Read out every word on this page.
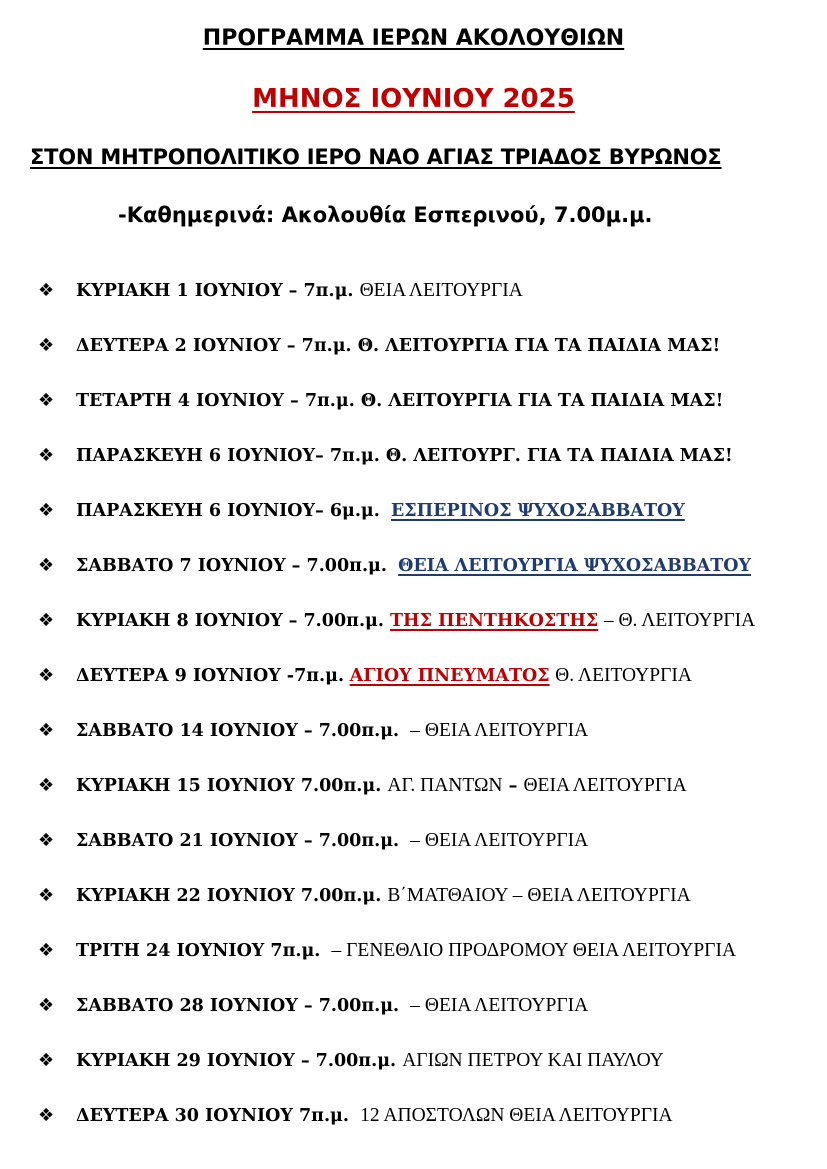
ΠΡΟΓΡΑΜΜΑ ΙΕΡΩΝ ΑΚΟΛΟΥΘΙΩΝ
ΜΗΝΟΣ ΙΟΥΝΙΟΥ 2025
ΣΤΟΝ ΜΗΤΡΟΠΟΛΙΤΙΚΟ ΙΕΡΟ ΝΑΟ ΑΓΙΑΣ ΤΡΙΑΔΟΣ ΒΥΡΩΝΟΣ
-Καθημερινά: Ακολουθία Εσπερινού, 7.00μ.μ.
❖ ΚΥΡΙΑΚΗ 1 ΙΟΥΝΙΟΥ – 7π.μ. ΘΕΙΑ ΛΕΙΤΟΥΡΓΙΑ
❖ ΔΕΥΤΕΡΑ 2 ΙΟΥΝΙΟΥ – 7π.μ. Θ. ΛΕΙΤΟΥΡΓΙΑ ΓΙΑ ΤΑ ΠΑΙΔΙΑ ΜΑΣ!
❖ ΤΕΤΑΡΤΗ 4 ΙΟΥΝΙΟΥ – 7π.μ. Θ. ΛΕΙΤΟΥΡΓΙΑ ΓΙΑ ΤΑ ΠΑΙΔΙΑ ΜΑΣ!
❖ ΠΑΡΑΣΚΕΥΗ 6 ΙΟΥΝΙΟΥ– 7π.μ. Θ. ΛΕΙΤΟΥΡΓ. ΓΙΑ ΤΑ ΠΑΙΔΙΑ ΜΑΣ!
❖ ΠΑΡΑΣΚΕΥΗ 6 ΙΟΥΝΙΟΥ– 6μ.μ. ΕΣΠΕΡΙΝΟΣ ΨΥΧΟΣΑΒΒΑΤΟΥ
❖ ΣΑΒΒΑΤΟ 7 ΙΟΥΝΙΟΥ – 7.00π.μ. ΘΕΙΑ ΛΕΙΤΟΥΡΓΙΑ ΨΥΧΟΣΑΒΒΑΤΟΥ
❖ ΚΥΡΙΑΚΗ 8 ΙΟΥΝΙΟΥ – 7.00π.μ. ΤΗΣ ΠΕΝΤΗΚΟΣΤΗΣ – Θ. ΛΕΙΤΟΥΡΓΙΑ
❖ ΔΕΥΤΕΡΑ 9 ΙΟΥΝΙΟΥ -7π.μ. ΑΓΙΟΥ ΠΝΕΥΜΑΤΟΣ Θ. ΛΕΙΤΟΥΡΓΙΑ
❖ ΣΑΒΒΑΤΟ 14 ΙΟΥΝΙΟΥ – 7.00π.μ. – ΘΕΙΑ ΛΕΙΤΟΥΡΓΙΑ
❖ ΚΥΡΙΑΚΗ 15 ΙΟΥΝΙΟΥ 7.00π.μ. ΑΓ. ΠΑΝΤΩΝ – ΘΕΙΑ ΛΕΙΤΟΥΡΓΙΑ
❖ ΣΑΒΒΑΤΟ 21 ΙΟΥΝΙΟΥ – 7.00π.μ. – ΘΕΙΑ ΛΕΙΤΟΥΡΓΙΑ
❖ ΚΥΡΙΑΚΗ 22 ΙΟΥΝΙΟΥ 7.00π.μ. Β΄ΜΑΤΘΑΙΟΥ – ΘΕΙΑ ΛΕΙΤΟΥΡΓΙΑ
❖ ΤΡΙΤΗ 24 ΙΟΥΝΙΟΥ 7π.μ. – ΓΕΝΕΘΛΙΟ ΠΡΟΔΡΟΜΟΥ ΘΕΙΑ ΛΕΙΤΟΥΡΓΙΑ
❖ ΣΑΒΒΑΤΟ 28 ΙΟΥΝΙΟΥ – 7.00π.μ. – ΘΕΙΑ ΛΕΙΤΟΥΡΓΙΑ
❖ ΚΥΡΙΑΚΗ 29 ΙΟΥΝΙΟΥ – 7.00π.μ. ΑΓΙΩΝ ΠΕΤΡΟΥ ΚΑΙ ΠΑΥΛΟΥ
❖ ΔΕΥΤΕΡΑ 30 ΙΟΥΝΙΟΥ 7π.μ. 12 ΑΠΟΣΤΟΛΩΝ ΘΕΙΑ ΛΕΙΤΟΥΡΓΙΑ
